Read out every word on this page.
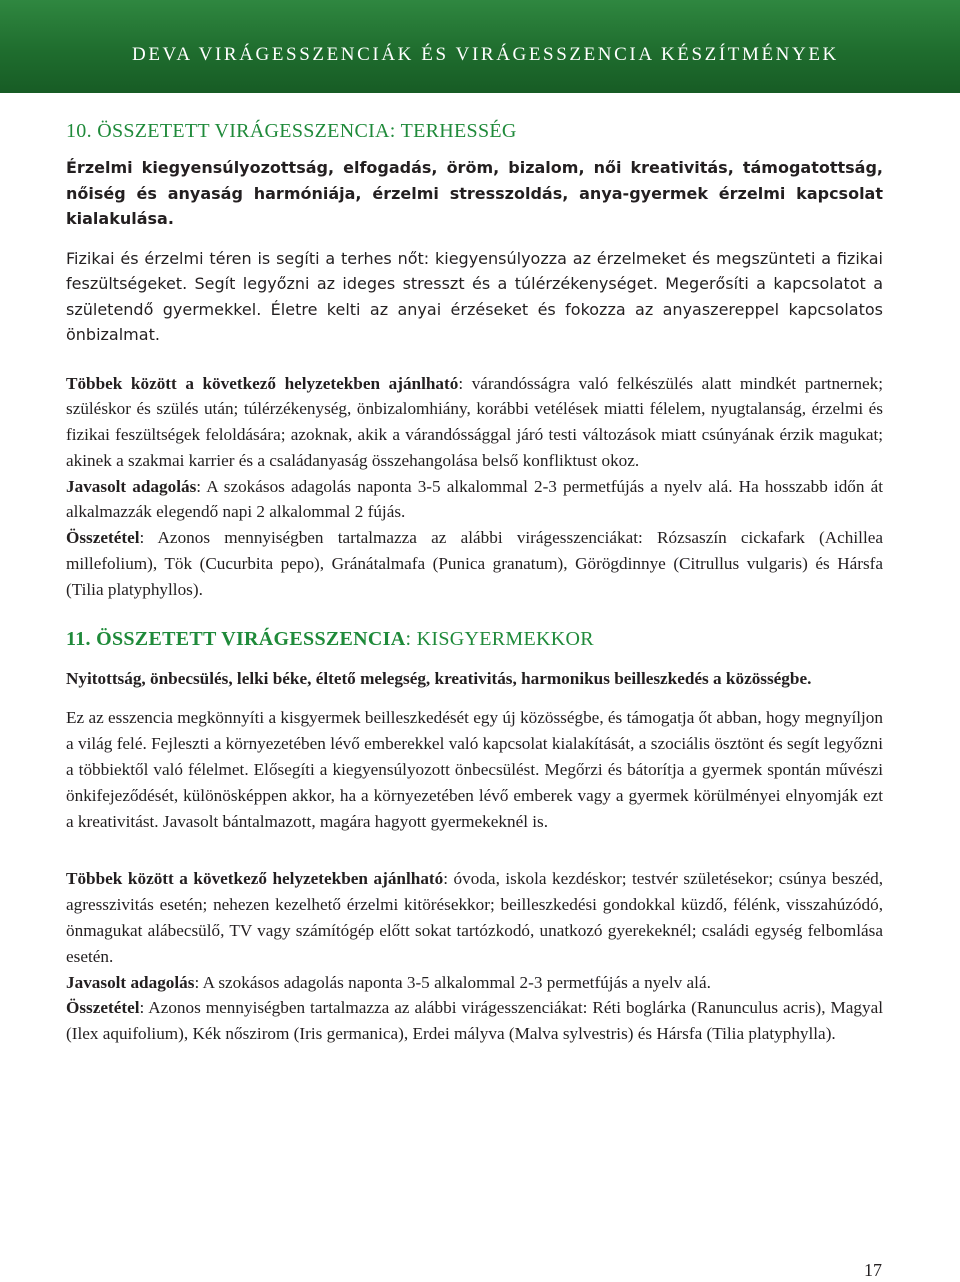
DEVA VIRÁGESSZENCIÁK ÉS VIRÁGESSZENCIA KÉSZÍTMÉNYEK
10. ÖSSZETETT VIRÁGESSZENCIA: TERHESSÉG

Érzelmi kiegyensúlyozottság, elfogadás, öröm, bizalom, női kreativitás, támogatottság, nőiség és anyaság harmóniája, érzelmi stresszoldás, anya-gyermek érzelmi kapcsolat kialakulása.

Fizikai és érzelmi téren is segíti a terhes nőt: kiegyensúlyozza az érzelmeket és megszünteti a fizikai feszültségeket. Segít legyőzni az ideges stresszt és a túlérzékenységet. Megerősíti a kapcsolatot a születendő gyermekkel. Életre kelti az anyai érzéseket és fokozza az anyaszereppel kapcsolatos önbizalmat.

Többek között a következő helyzetekben ajánlható: várandósságra való felkészülés alatt mindkét partnernek; szüléskor és szülés után; túlérzékenység, önbizalomhiány, korábbi vetélések miatti félelem, nyugtalanság, érzelmi és fizikai feszültségek feloldására; azoknak, akik a várandóssággal járó testi változások miatt csúnyának érzik magukat; akinek a szakmai karrier és a családanyaság összehangolása belső konfliktust okoz.

Javasolt adagolás: A szokásos adagolás naponta 3-5 alkalommal 2-3 permetfújás a nyelv alá. Ha hosszabb időn át alkalmazzák elegendő napi 2 alkalommal 2 fújás.

Összetétel: Azonos mennyiségben tartalmazza az alábbi virágesszenciákat: Rózsaszín cickafark (Achillea millefolium), Tök (Cucurbita pepo), Gránátalmafa (Punica granatum), Görögdinnye (Citrullus vulgaris) és Hársfa (Tilia platyphyllos).

11. ÖSSZETETT VIRÁGESSZENCIA: KISGYERMEKKOR

Nyitottság, önbecsülés, lelki béke, éltető melegség, kreativitás, harmonikus beilleszkedés a közösségbe.

Ez az esszencia megkönnyíti a kisgyermek beilleszkedését egy új közösségbe, és támogatja őt abban, hogy megnyíljon a világ felé. Fejleszti a környezetében lévő emberekkel való kapcsolat kialakítását, a szociális ösztönt és segít legyőzni a többiektől való félelmet. Elősegíti a kiegyensúlyozott önbecsülést. Megőrzi és bátorítja a gyermek spontán művészi önkifejeződését, különösképpen akkor, ha a környezetében lévő emberek vagy a gyermek körülményei elnyomják ezt a kreativitást. Javasolt bántalmazott, magára hagyott gyermekeknél is.

Többek között a következő helyzetekben ajánlható: óvoda, iskola kezdéskor; testvér születésekor; csúnya beszéd, agresszivitás esetén; nehezen kezelhető érzelmi kitörésekkor; beilleszkedési gondokkal küzdő, félénk, visszahúzódó, önmagukat alábecsülő, TV vagy számítógép előtt sokat tartózkodó, unatkozó gyerekeknél; családi egység felbomlása esetén.

Javasolt adagolás: A szokásos adagolás naponta 3-5 alkalommal 2-3 permetfújás a nyelv alá.

Összetétel: Azonos mennyiségben tartalmazza az alábbi virágesszenciákat: Réti boglárka (Ranunculus acris), Magyal (Ilex aquifolium), Kék nőszirom (Iris germanica), Erdei mályva (Malva sylvestris) és Hársfa (Tilia platyphylla).

17
